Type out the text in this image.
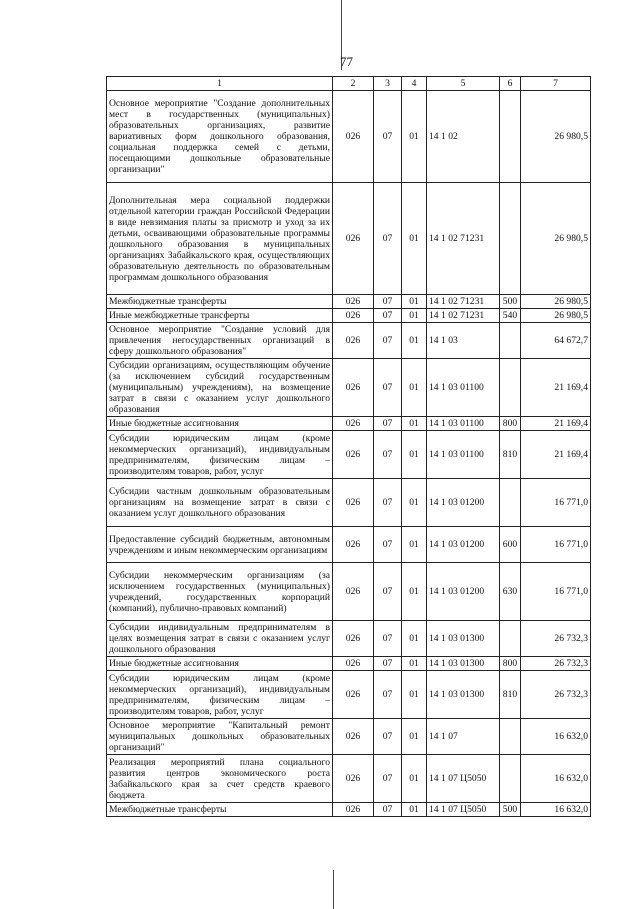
77
1	2	3	4	5	6	7
Основное мероприятие "Создание дополнительных мест в государственных (муниципальных) образовательных организациях, развитие вариативных форм дошкольного образования, социальная поддержка семей с детьми, посещающими дошкольные образовательные организации"	026	07	01	14 1 02		26 980,5
Дополнительная мера социальной поддержки отдельной категории граждан Российской Федерации в виде невзимания платы за присмотр и уход за их детьми, осваивающими образовательные программы дошкольного образования в муниципальных организациях Забайкальского края, осуществляющих образовательную деятельность по образовательным программам дошкольного образования	026	07	01	14 1 02 71231		26 980,5
Межбюджетные трансферты	026	07	01	14 1 02 71231	500	26 980,5
Иные межбюджетные трансферты	026	07	01	14 1 02 71231	540	26 980,5
Основное мероприятие "Создание условий для привлечения негосударственных организаций в сферу дошкольного образования"	026	07	01	14 1 03		64 672,7
Субсидии организациям, осуществляющим обучение (за исключением субсидий государственным (муниципальным) учреждениям), на возмещение затрат в связи с оказанием услуг дошкольного образования	026	07	01	14 1 03 01100		21 169,4
Иные бюджетные ассигнования	026	07	01	14 1 03 01100	800	21 169,4
Субсидии юридическим лицам (кроме некоммерческих организаций), индивидуальным предпринимателям, физическим лицам – производителям товаров, работ, услуг	026	07	01	14 1 03 01100	810	21 169,4
Субсидии частным дошкольным образовательным организациям на возмещение затрат в связи с оказанием услуг дошкольного образования	026	07	01	14 1 03 01200		16 771,0
Предоставление субсидий бюджетным, автономным учреждениям и иным некоммерческим организациям	026	07	01	14 1 03 01200	600	16 771,0
Субсидии некоммерческим организациям (за исключением государственных (муниципальных) учреждений, государственных корпораций (компаний), публично-правовых компаний)	026	07	01	14 1 03 01200	630	16 771,0
Субсидии индивидуальным предпринимателям в целях возмещения затрат в связи с оказанием услуг дошкольного образования	026	07	01	14 1 03 01300		26 732,3
Иные бюджетные ассигнования	026	07	01	14 1 03 01300	800	26 732,3
Субсидии юридическим лицам (кроме некоммерческих организаций), индивидуальным предпринимателям, физическим лицам – производителям товаров, работ, услуг	026	07	01	14 1 03 01300	810	26 732,3
Основное мероприятие "Капитальный ремонт муниципальных дошкольных образовательных организаций"	026	07	01	14 1 07		16 632,0
Реализация мероприятий плана социального развития центров экономического роста Забайкальского края за счет средств краевого бюджета	026	07	01	14 1 07 Ц5050		16 632,0
Межбюджетные трансферты	026	07	01	14 1 07 Ц5050	500	16 632,0
